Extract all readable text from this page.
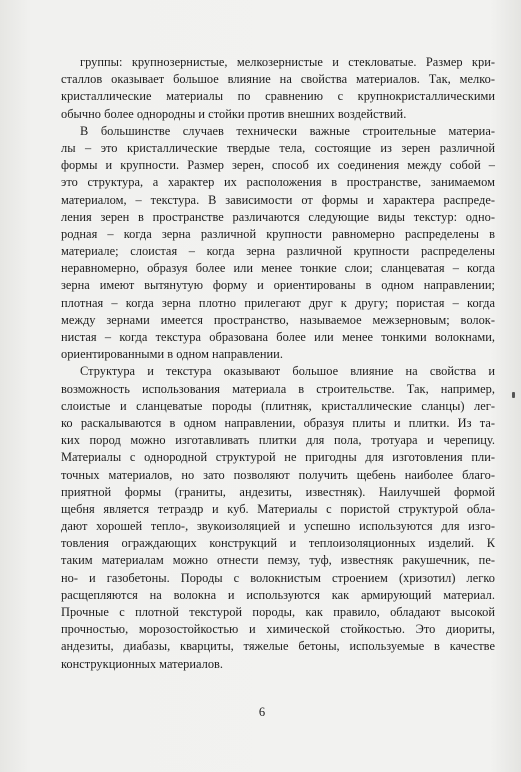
группы: крупнозернистые, мелкозернистые и стекловатые. Размер кри-
сталлов оказывает большое влияние на свойства материалов. Так, мелко-
кристаллические материалы по сравнению с крупнокристаллическими
обычно более однородны и стойки против внешних воздействий.
В большинстве случаев технически важные строительные материа-
лы – это кристаллические твердые тела, состоящие из зерен различной
формы и крупности. Размер зерен, способ их соединения между собой –
это структура, а характер их расположения в пространстве, занимаемом
материалом, – текстура. В зависимости от формы и характера распреде-
ления зерен в пространстве различаются следующие виды текстур: одно-
родная – когда зерна различной крупности равномерно распределены в
материале; слоистая – когда зерна различной крупности распределены
неравномерно, образуя более или менее тонкие слои; сланцеватая – когда
зерна имеют вытянутую форму и ориентированы в одном направлении;
плотная – когда зерна плотно прилегают друг к другу; пористая – когда
между зернами имеется пространство, называемое межзерновым; волок-
нистая – когда текстура образована более или менее тонкими волокнами,
ориентированными в одном направлении.
Структура и текстура оказывают большое влияние на свойства и
возможность использования материала в строительстве. Так, например,
слоистые и сланцеватые породы (плитняк, кристаллические сланцы) лег-
ко раскалываются в одном направлении, образуя плиты и плитки. Из та-
ких пород можно изготавливать плитки для пола, тротуара и черепицу.
Материалы с однородной структурой не пригодны для изготовления пли-
точных материалов, но зато позволяют получить щебень наиболее благо-
приятной формы (граниты, андезиты, известняк). Наилучшей формой
щебня является тетраэдр и куб. Материалы с пористой структурой обла-
дают хорошей тепло-, звукоизоляцией и успешно используются для изго-
товления ограждающих конструкций и теплоизоляционных изделий. К
таким материалам можно отнести пемзу, туф, известняк ракушечник, пе-
но- и газобетоны. Породы с волокнистым строением (хризотил) легко
расщепляются на волокна и используются как армирующий материал.
Прочные с плотной текстурой породы, как правило, обладают высокой
прочностью, морозостойкостью и химической стойкостью. Это диориты,
андезиты, диабазы, кварциты, тяжелые бетоны, используемые в качестве
конструкционных материалов.
6
